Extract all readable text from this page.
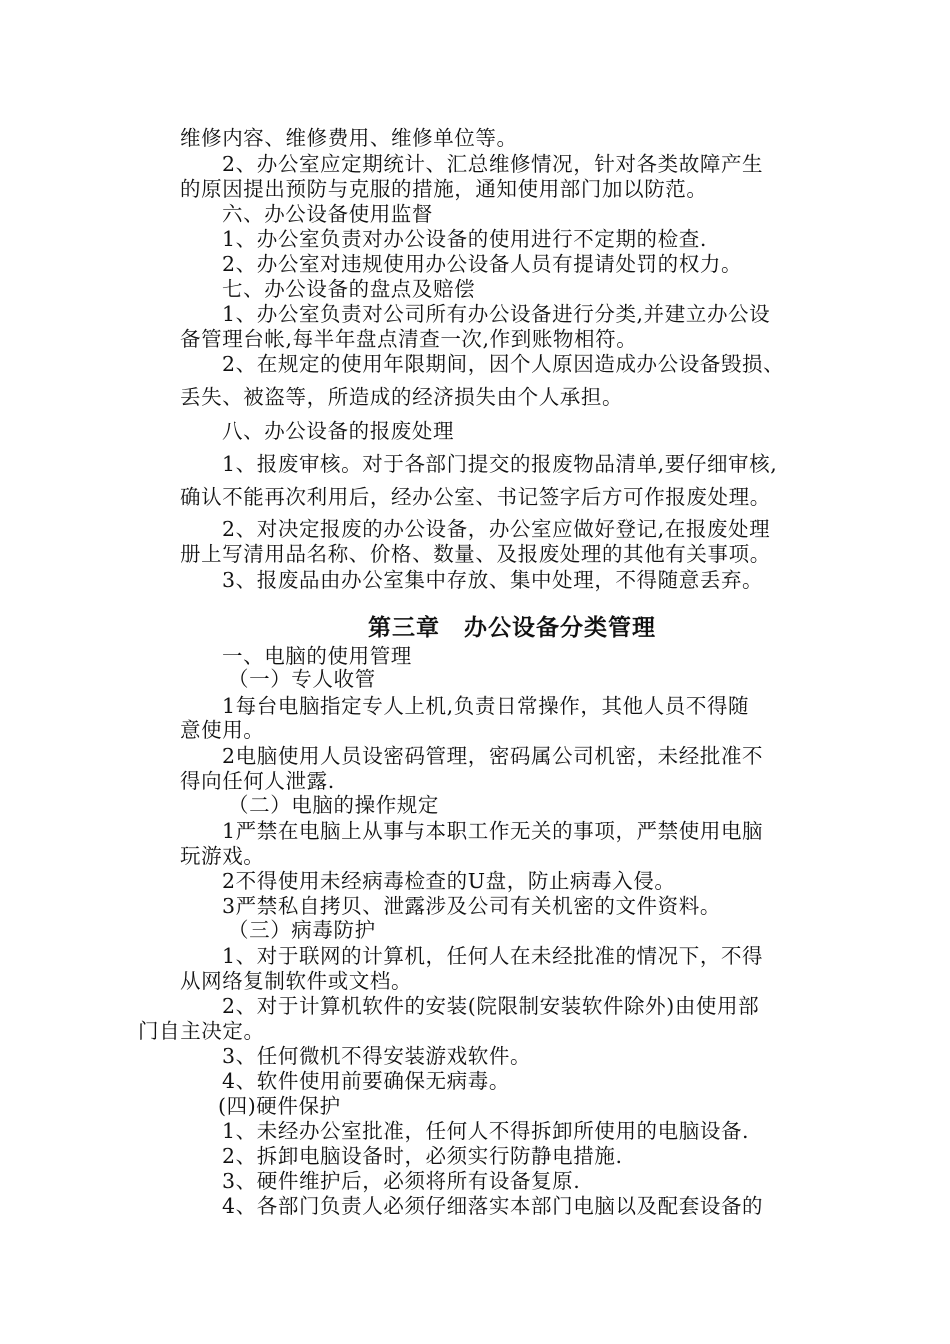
维修内容、维修费用、维修单位等。
2、办公室应定期统计、汇总维修情况，针对各类故障产生
的原因提出预防与克服的措施，通知使用部门加以防范。
六、办公设备使用监督
1、办公室负责对办公设备的使用进行不定期的检查.
2、办公室对违规使用办公设备人员有提请处罚的权力。
七、办公设备的盘点及赔偿
1、办公室负责对公司所有办公设备进行分类,并建立办公设
备管理台帐,每半年盘点清查一次,作到账物相符。
2、在规定的使用年限期间，因个人原因造成办公设备毁损、
丢失、被盗等，所造成的经济损失由个人承担。
八、办公设备的报废处理
1、报废审核。对于各部门提交的报废物品清单,要仔细审核,
确认不能再次利用后，经办公室、书记签字后方可作报废处理。
2、对决定报废的办公设备，办公室应做好登记,在报废处理
册上写清用品名称、价格、数量、及报废处理的其他有关事项。
3、报废品由办公室集中存放、集中处理，不得随意丢弃。
第三章　办公设备分类管理
一、电脑的使用管理
（一）专人收管
1每台电脑指定专人上机,负责日常操作，其他人员不得随
意使用。
2电脑使用人员设密码管理，密码属公司机密，未经批准不
得向任何人泄露.
（二）电脑的操作规定
1严禁在电脑上从事与本职工作无关的事项，严禁使用电脑
玩游戏。
2不得使用未经病毒检查的U盘，防止病毒入侵。
3严禁私自拷贝、泄露涉及公司有关机密的文件资料。
（三）病毒防护
1、对于联网的计算机，任何人在未经批准的情况下，不得
从网络复制软件或文档。
2、对于计算机软件的安装(院限制安装软件除外)由使用部
门自主决定。
3、任何微机不得安装游戏软件。
4、软件使用前要确保无病毒。
(四)硬件保护
1、未经办公室批准，任何人不得拆卸所使用的电脑设备.
2、拆卸电脑设备时，必须实行防静电措施.
3、硬件维护后，必须将所有设备复原.
4、各部门负责人必须仔细落实本部门电脑以及配套设备的
